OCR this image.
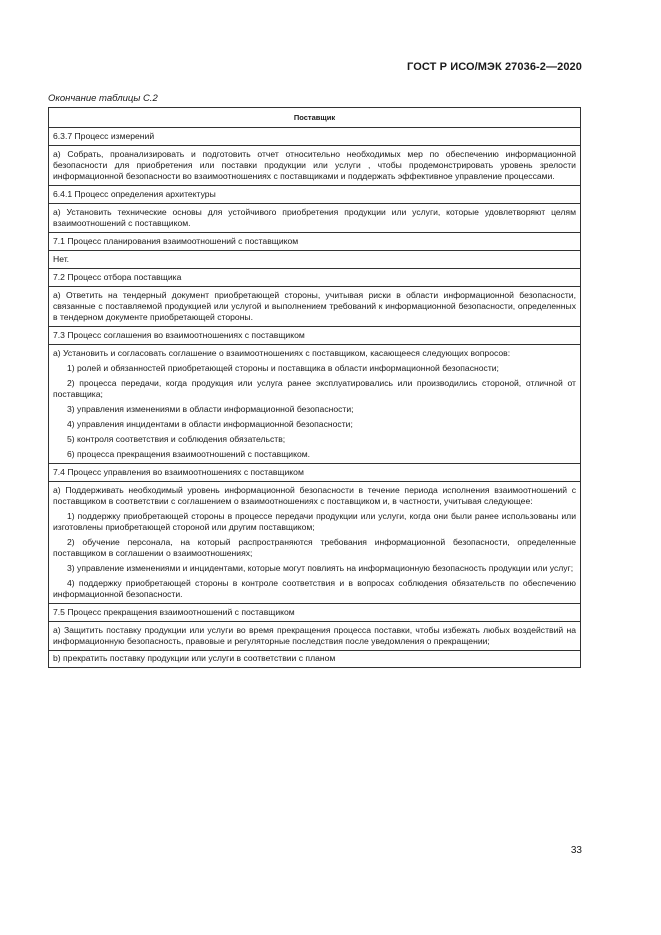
ГОСТ Р ИСО/МЭК 27036-2—2020
Окончание таблицы С.2
Поставщик
6.3.7 Процесс измерений

а) Собрать, проанализировать и подготовить отчет относительно необходимых мер по обеспечению информационной безопасности для приобретения или поставки продукции или услуги , чтобы продемонстрировать уровень зрелости информационной безопасности во взаимоотношениях с поставщиками и поддержать эффективное управление процессами.

6.4.1 Процесс определения архитектуры

а) Установить технические основы для устойчивого приобретения продукции или услуги, которые удовлетворяют целям взаимоотношений с поставщиком.

7.1 Процесс планирования взаимоотношений с поставщиком

Нет.

7.2 Процесс отбора поставщика

а) Ответить на тендерный документ приобретающей стороны, учитывая риски в области информационной безопасности, связанные с поставляемой продукцией или услугой и выполнением требований к информационной безопасности, определенных в тендерном документе приобретающей стороны.

7.3 Процесс соглашения во взаимоотношениях с поставщиком

а) Установить и согласовать соглашение о взаимоотношениях с поставщиком, касающееся следующих вопросов:

1) ролей и обязанностей приобретающей стороны и поставщика в области информационной безопасности;

2) процесса передачи, когда продукция или услуга ранее эксплуатировались или производились стороной, отличной от поставщика;

3) управления изменениями в области информационной безопасности;

4) управления инцидентами в области информационной безопасности;

5) контроля соответствия и соблюдения обязательств;

6) процесса прекращения взаимоотношений с поставщиком.

7.4 Процесс управления во взаимоотношениях с поставщиком

а) Поддерживать необходимый уровень информационной безопасности в течение периода исполнения взаимоотношений с поставщиком в соответствии с соглашением о взаимоотношениях с поставщиком и, в частности, учитывая следующее:

1) поддержку приобретающей стороны в процессе передачи продукции или услуги, когда они были ранее использованы или изготовлены приобретающей стороной или другим поставщиком;

2) обучение персонала, на который распространяются требования информационной безопасности, определенные поставщиком в соглашении о взаимоотношениях;

3) управление изменениями и инцидентами, которые могут повлиять на информационную безопасность продукции или услуг;

4) поддержку приобретающей стороны в контроле соответствия и в вопросах соблюдения обязательств по обеспечению информационной безопасности.

7.5 Процесс прекращения взаимоотношений с поставщиком

а) Защитить поставку продукции или услуги во время прекращения процесса поставки, чтобы избежать любых воздействий на информационную безопасность, правовые и регуляторные последствия после уведомления о прекращении;

b) прекратить поставку продукции или услуги в соответствии с планом

33
